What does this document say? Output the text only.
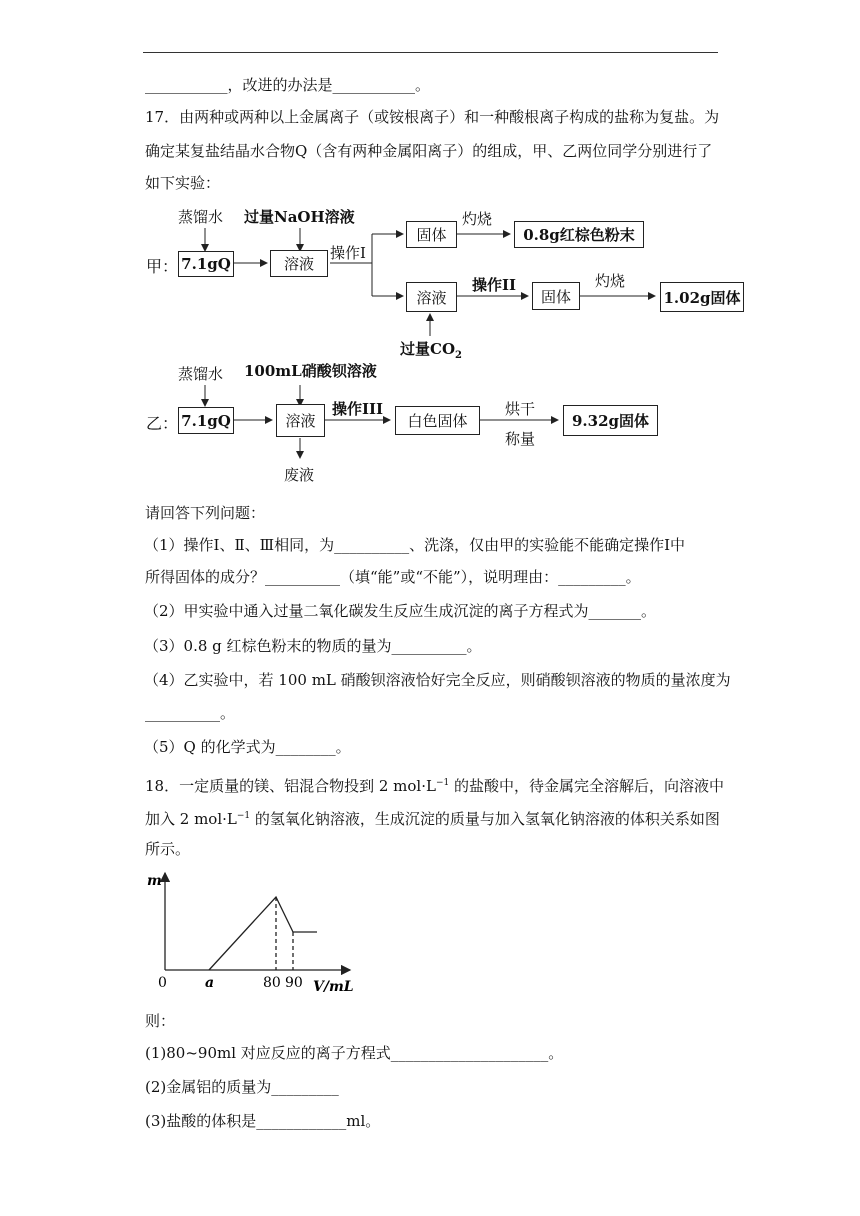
___________，改进的办法是___________。
17．由两种或两种以上金属离子（或铵根离子）和一种酸根离子构成的盐称为复盐。为
确定某复盐结晶水合物Q（含有两种金属阳离子）的组成，甲、乙两位同学分别进行了
如下实验：
蒸馏水 过量NaOH溶液
甲： 7.1gQ	溶液
操作I
固体
灼烧
0.8g红棕色粉末
溶液
过量$CO_2$
操作II
固体
灼烧
1.02g固体
蒸馏水 100mL硝酸钡溶液
乙： 7.1gQ	溶液
废液
操作III
白色固体
烘干
称量
9.32g固体
请回答下列问题：
（1）操作Ⅰ、Ⅱ、Ⅲ相同，为__________、洗涤，仅由甲的实验能不能确定操作Ⅰ中
所得固体的成分？__________（填“能”或“不能”），说明理由：_________。
（2）甲实验中通入过量二氧化碳发生反应生成沉淀的离子方程式为_______。
（3）0.8 g 红棕色粉末的物质的量为__________。
（4）乙实验中，若 100 mL 硝酸钡溶液恰好完全反应，则硝酸钡溶液的物质的量浓度为
__________。
（5）Q 的化学式为________。
18．一定质量的镁、铝混合物投到 2 $mol\cdot L^{-1}$ 的盐酸中，待金属完全溶解后，向溶液中
加入 2 $mol\cdot L^{-1}$ 的氢氧化钠溶液，生成沉淀的质量与加入氢氧化钠溶液的体积关系如图
所示。
m
0	a	80 90 V/mL
则：
(1)80~90ml 对应反应的离子方程式_____________________。
(2)金属铝的质量为_________
(3)盐酸的体积是____________ml。
